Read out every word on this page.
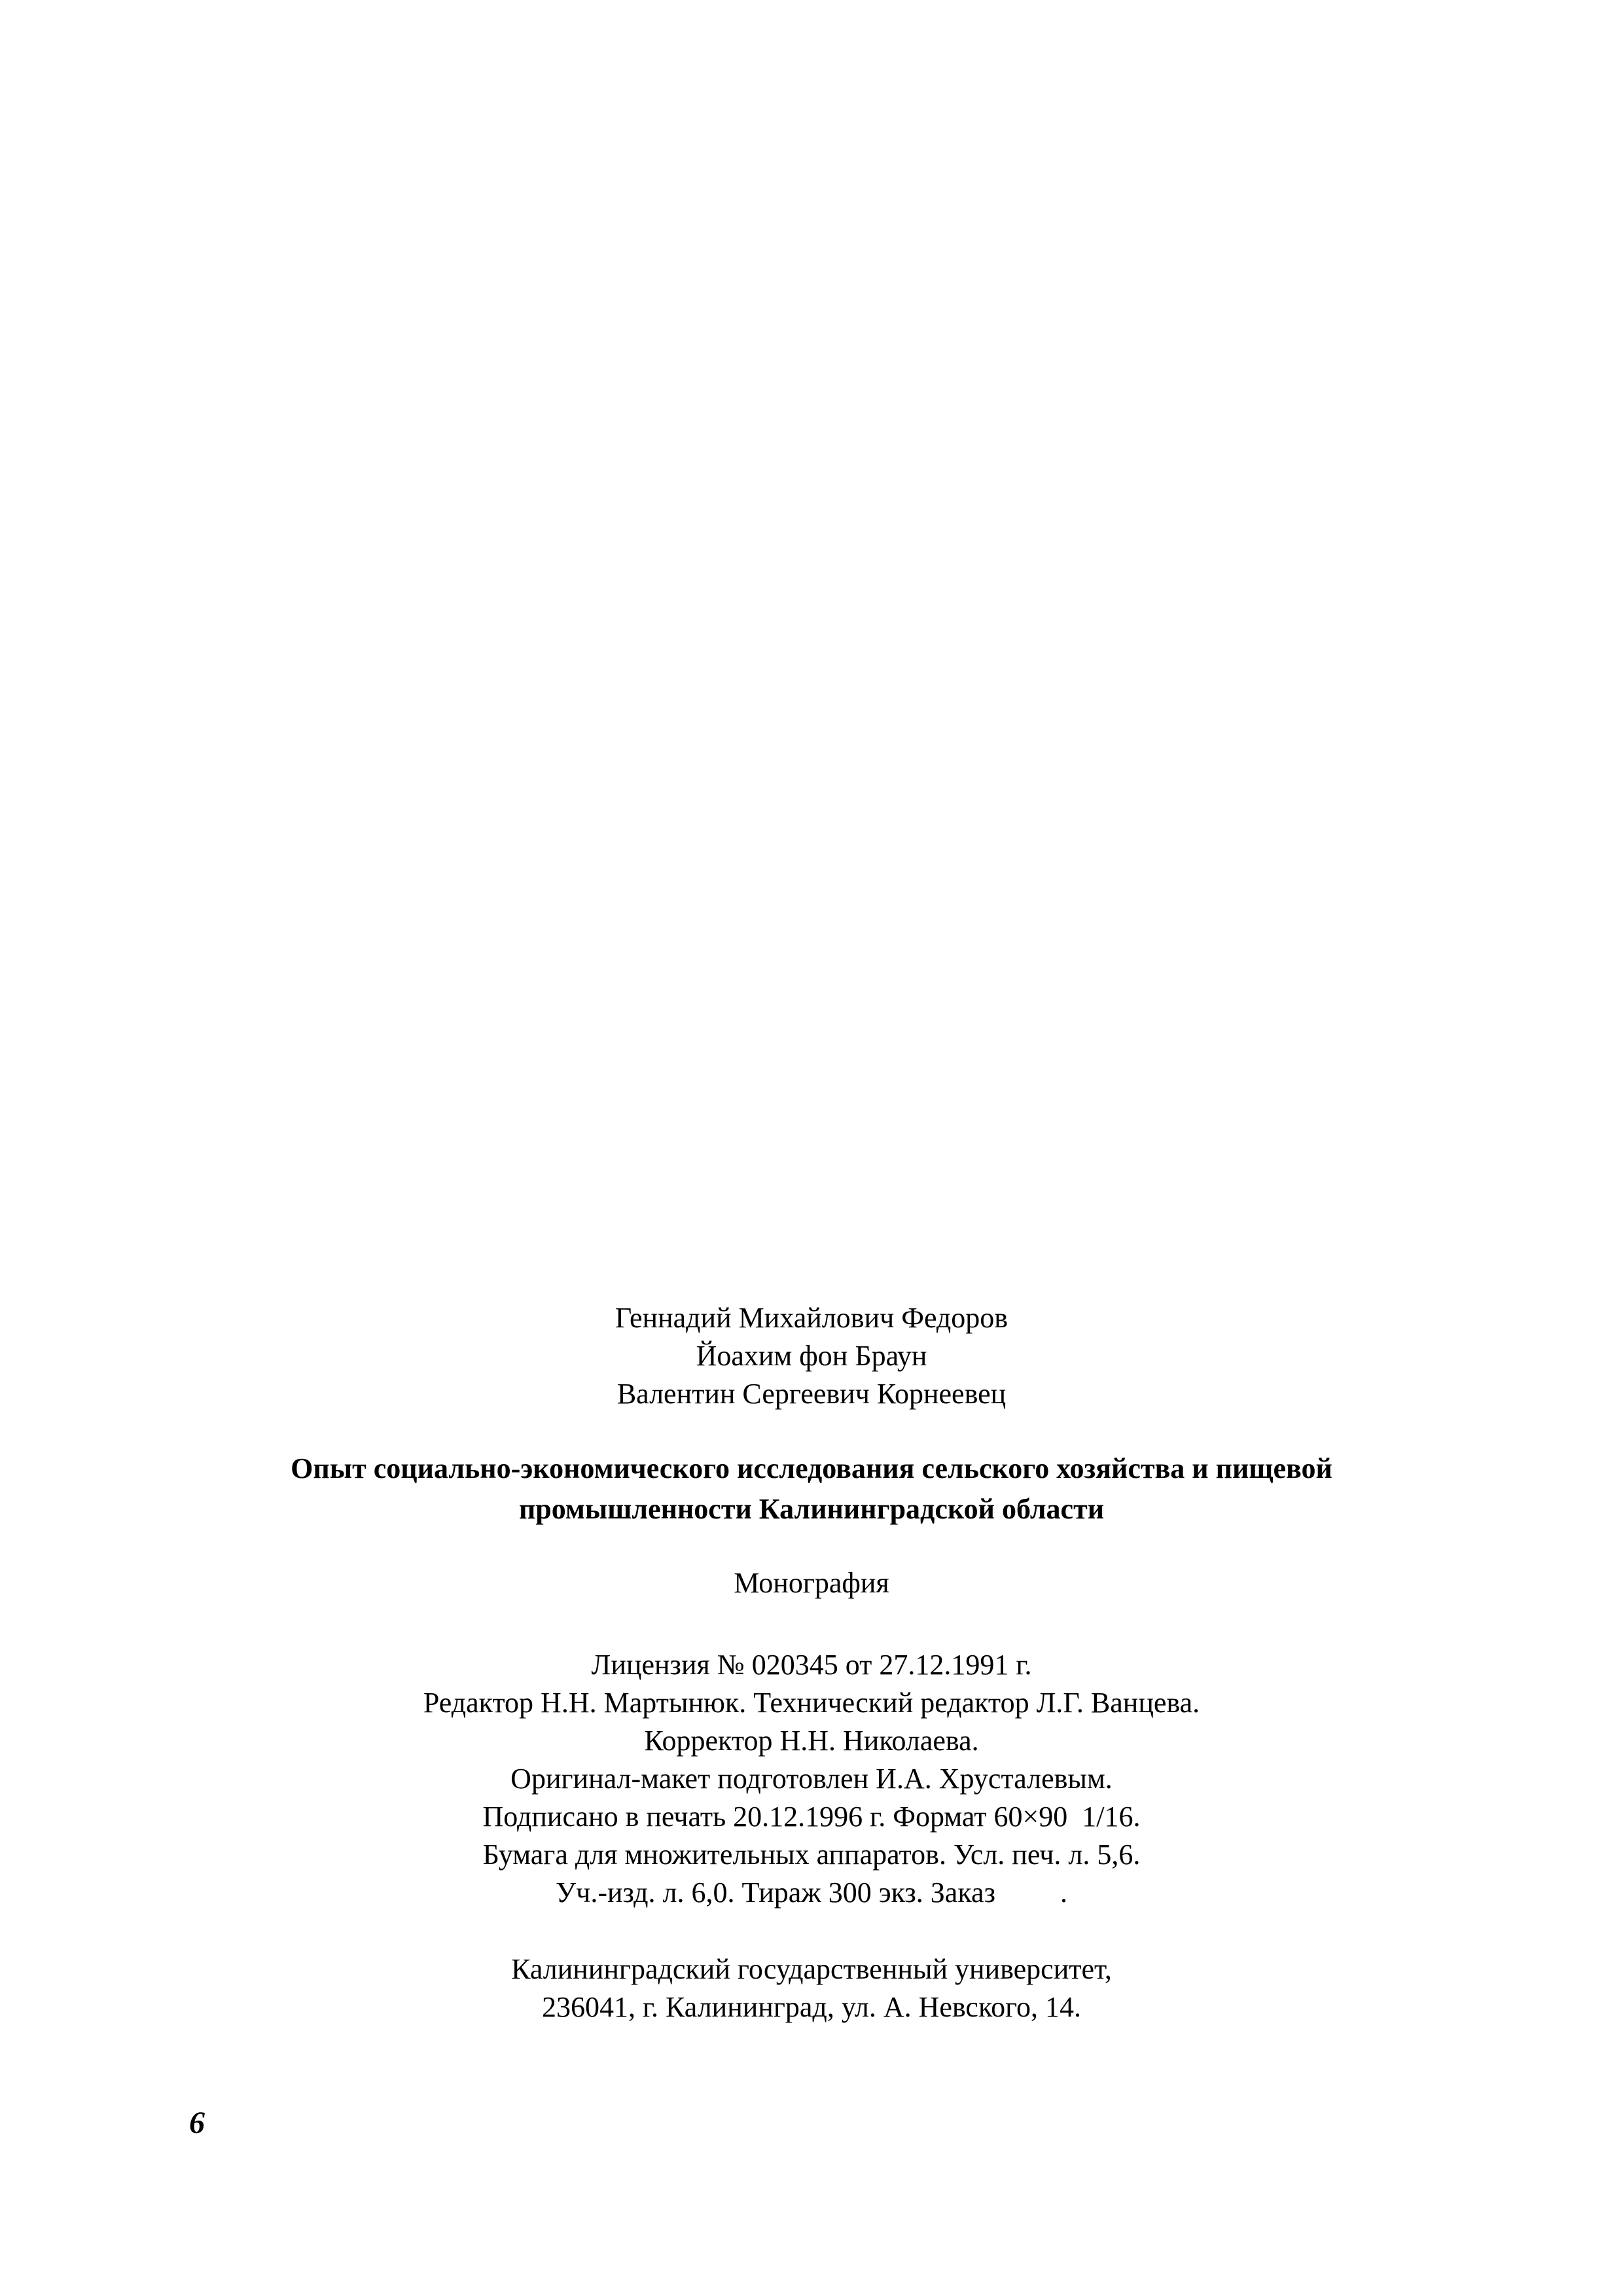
Геннадий Михайлович Федоров
Йоахим фон Браун
Валентин Сергеевич Корнеевец
Опыт социально-экономического исследования сельского хозяйства и пищевой
промышленности Калининградской области
Монография
Лицензия № 020345 от 27.12.1991 г.
Редактор Н.Н. Мартынюк. Технический редактор Л.Г. Ванцева.
Корректор Н.Н. Николаева.
Оригинал-макет подготовлен И.А. Хрусталевым.
Подписано в печать 20.12.1996 г. Формат 60×90  1/16.
Бумага для множительных аппаратов. Усл. печ. л. 5,6.
Уч.-изд. л. 6,0. Тираж 300 экз. Заказ         .
Калининградский государственный университет,
236041, г. Калининград, ул. А. Невского, 14.
6
